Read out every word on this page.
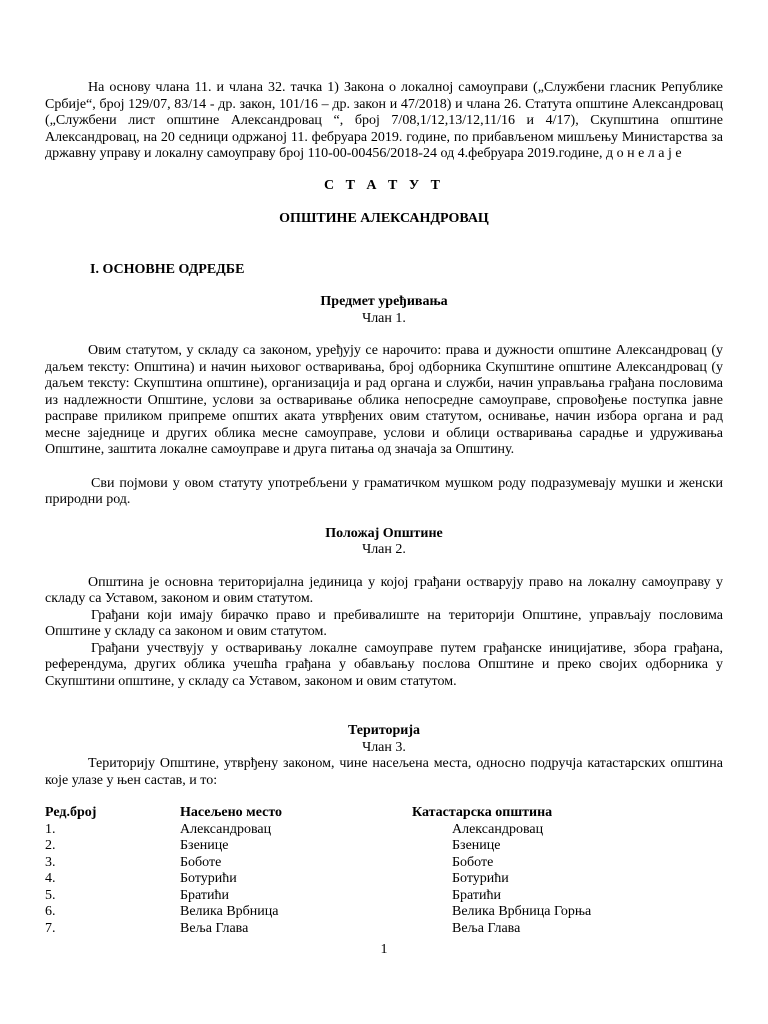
На основу члана 11. и члана 32. тачка 1) Закона о локалној самоуправи („Службени гласник Републике Србије“, број 129/07, 83/14 - др. закон, 101/16 – др. закон и 47/2018) и члана 26. Статута општине Александровац („Службени лист општине Александровац “, број 7/08,1/12,13/12,11/16 и 4/17), Скупштина општине Александровац, на 20 седници одржаној 11. фебруара 2019. године, по прибављеном мишљењу Министарства за државну управу и локалну самоуправу број 110-00-00456/2018-24 од 4.фебруара 2019.године, д о н е л а ј е

С Т А Т У Т

ОПШТИНЕ АЛЕКСАНДРОВАЦ

I. ОСНОВНЕ ОДРЕДБЕ

Предмет уређивања

Члан 1.

Овим статутом, у складу са законом, уређују се нарочито: права и дужности општине Александровац (у даљем тексту: Општина) и начин њиховог остваривања, број одборника Скупштине општине Александровац (у даљем тексту: Скупштина општине), организација и рад органа и служби, начин управљања грађана пословима из надлежности Општине, услови за остваривање облика непосредне самоуправе, спровођење поступка јавне расправе приликом припреме општих аката утврђених овим статутом, оснивање, начин избора органа и рад месне заједнице и других облика месне самоуправе, услови и облици остваривања сарадње и удруживања Општине, заштита локалне самоуправе и друга питања од значаја за Општину.

Сви појмови у овом статуту употребљени у граматичком мушком роду подразумевају мушки и женски природни род.

Положај Општине

Члан 2.

Општина је основна територијална јединица у којој грађани остварују право на локалну самоуправу у складу са Уставом, законом и овим статутом.

Грађани који имају бирачко право и пребивалиште на територији Општине, управљају пословима Општине у складу са законом и овим статутом.

Грађани учествују у остваривању локалне самоуправе путем грађанске иницијативе, збора грађана, референдума, других облика учешћа грађана у обављању послова Општине и преко својих одборника у Скупштини општине, у складу са Уставом, законом и овим статутом.

Територија

Члан 3.

Територију Општине, утврђену законом, чине насељена места, односно подручја катастарских општина које улазе у њен састав, и то:

Ред.број	Насељено место	Катастарска општина

1.	Александровац	Александровац

2.	Бзенице	Бзенице

3.	Боботе	Боботе

4.	Ботурићи	Ботурићи

5.	Братићи	Братићи

6.	Велика Врбница	Велика Врбница Горња

7.	Веља Глава	Веља Глава
1
